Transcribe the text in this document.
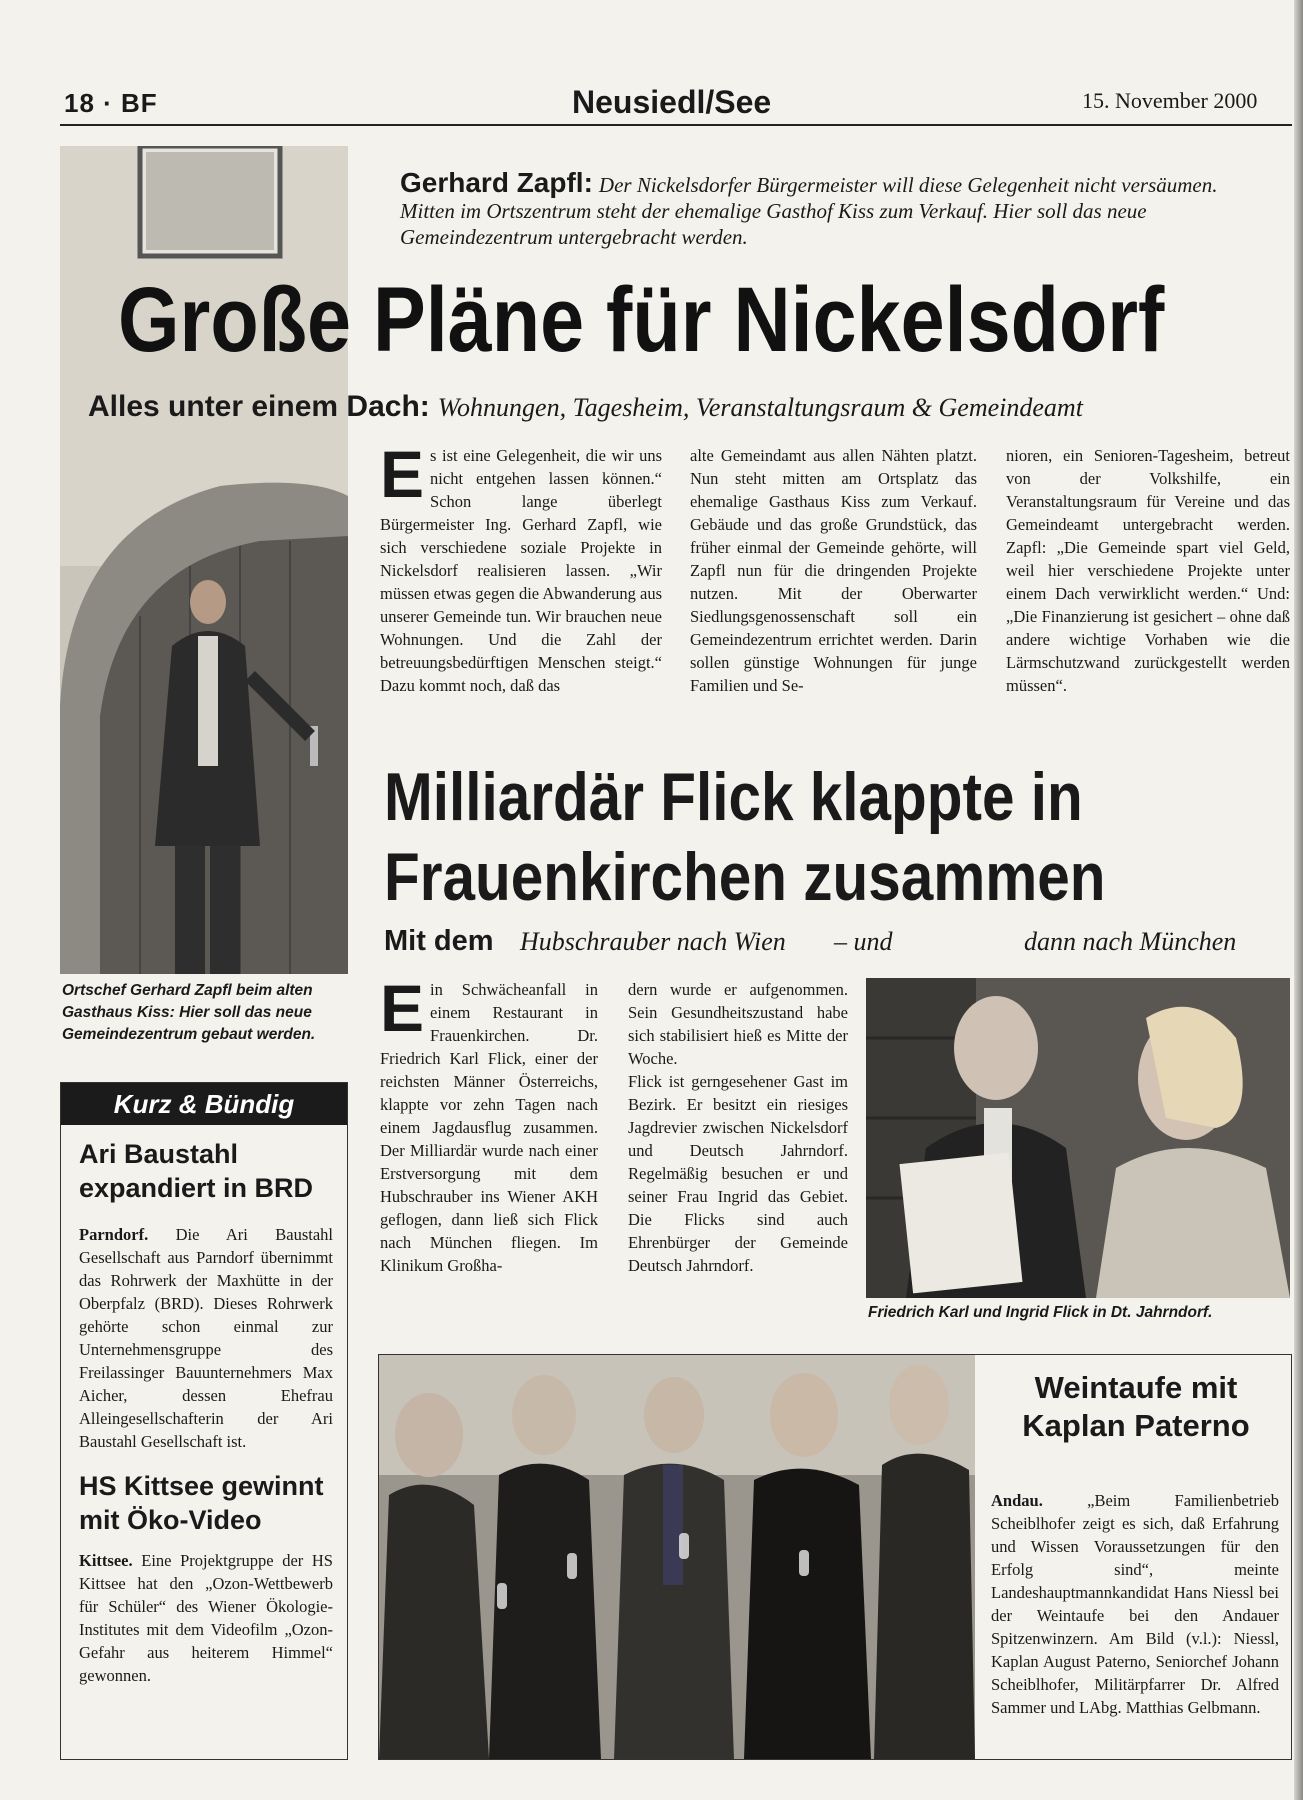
18 · BF	Neusiedl/See	15. November 2000
Gerhard Zapfl: Der Nickelsdorfer Bürgermeister will diese Gelegenheit nicht versäumen. Mitten im Ortszentrum steht der ehemalige Gasthof Kiss zum Verkauf. Hier soll das neue Gemeindezentrum untergebracht werden.
Große Pläne für Nickelsdorf
Alles unter einem Dach: Wohnungen, Tagesheim, Veranstaltungsraum & Gemeindeamt
Es ist eine Gelegenheit, die wir uns nicht entgehen lassen können.“ Schon lange überlegt Bürgermeister Ing. Gerhard Zapfl, wie sich verschiedene soziale Projekte in Nickelsdorf realisieren lassen. „Wir müssen etwas gegen die Abwanderung aus unserer Gemeinde tun. Wir brauchen neue Wohnungen. Und die Zahl der betreuungsbedürftigen Menschen steigt.“ Dazu kommt noch, daß das
alte Gemeindamt aus allen Nähten platzt. Nun steht mitten am Ortsplatz das ehemalige Gasthaus Kiss zum Verkauf. Gebäude und das große Grundstück, das früher einmal der Gemeinde gehörte, will Zapfl nun für die dringenden Projekte nutzen. Mit der Oberwarter Siedlungsgenossenschaft soll ein Gemeindezentrum errichtet werden. Darin sollen günstige Wohnungen für junge Familien und Se-
nioren, ein Senioren-Tagesheim, betreut von der Volkshilfe, ein Veranstaltungsraum für Vereine und das Gemeindeamt untergebracht werden. Zapfl: „Die Gemeinde spart viel Geld, weil hier verschiedene Projekte unter einem Dach verwirklicht werden.“ Und: „Die Finanzierung ist gesichert – ohne daß andere wichtige Vorhaben wie die Lärmschutzwand zurückgestellt werden müssen“.
Ortschef Gerhard Zapfl beim alten Gasthaus Kiss: Hier soll das neue Gemeindezentrum gebaut werden.
Milliardär Flick klappte in
Frauenkirchen zusammen
Mit dem Hubschrauber nach Wien – und	dann nach München
Ein Schwächeanfall in einem Restaurant in Frauenkirchen. Dr. Friedrich Karl Flick, einer der reichsten Männer Österreichs, klappte vor zehn Tagen nach einem Jagdausflug zusammen. Der Milliardär wurde nach einer Erstversorgung mit dem Hubschrauber ins Wiener AKH geflogen, dann ließ sich Flick nach München fliegen. Im Klinikum Großha-

dern wurde er aufgenommen. Sein Gesundheitszustand habe sich stabilisiert hieß es Mitte der Woche.

Flick ist gerngesehener Gast im Bezirk. Er besitzt ein riesiges Jagdrevier zwischen Nickelsdorf und Deutsch Jahrndorf. Regelmäßig besuchen er und seiner Frau Ingrid das Gebiet. Die Flicks sind auch Ehrenbürger der Gemeinde Deutsch Jahrndorf.

Friedrich Karl und Ingrid Flick in Dt. Jahrndorf.
Kurz & Bündig
Ari Baustahl expandiert in BRD
Parndorf. Die Ari Baustahl Gesellschaft aus Parndorf übernimmt das Rohrwerk der Maxhütte in der Oberpfalz (BRD). Dieses Rohrwerk gehörte schon einmal zur Unternehmensgruppe des Freilassinger Bauunternehmers Max Aicher, dessen Ehefrau Alleingesellschafterin der Ari Baustahl Gesellschaft ist.
HS Kittsee gewinnt mit Öko-Video
Kittsee. Eine Projektgruppe der HS Kittsee hat den „Ozon-Wettbewerb für Schüler“ des Wiener Ökologie-Institutes mit dem Videofilm „Ozon-Gefahr aus heiterem Himmel“ gewonnen.
Weintaufe mit Kaplan Paterno
Andau.	„Beim Familienbetrieb Scheiblhofer zeigt es sich, daß Erfahrung und Wissen Voraussetzungen für den Erfolg sind“, meinte Landeshauptmannkandidat Hans Niessl bei der Weintaufe bei den Andauer Spitzenwinzern. Am Bild (v.l.): Niessl, Kaplan August Paterno, Seniorchef Johann Scheiblhofer, Militärpfarrer Dr. Alfred Sammer und LAbg. Matthias Gelbmann.
